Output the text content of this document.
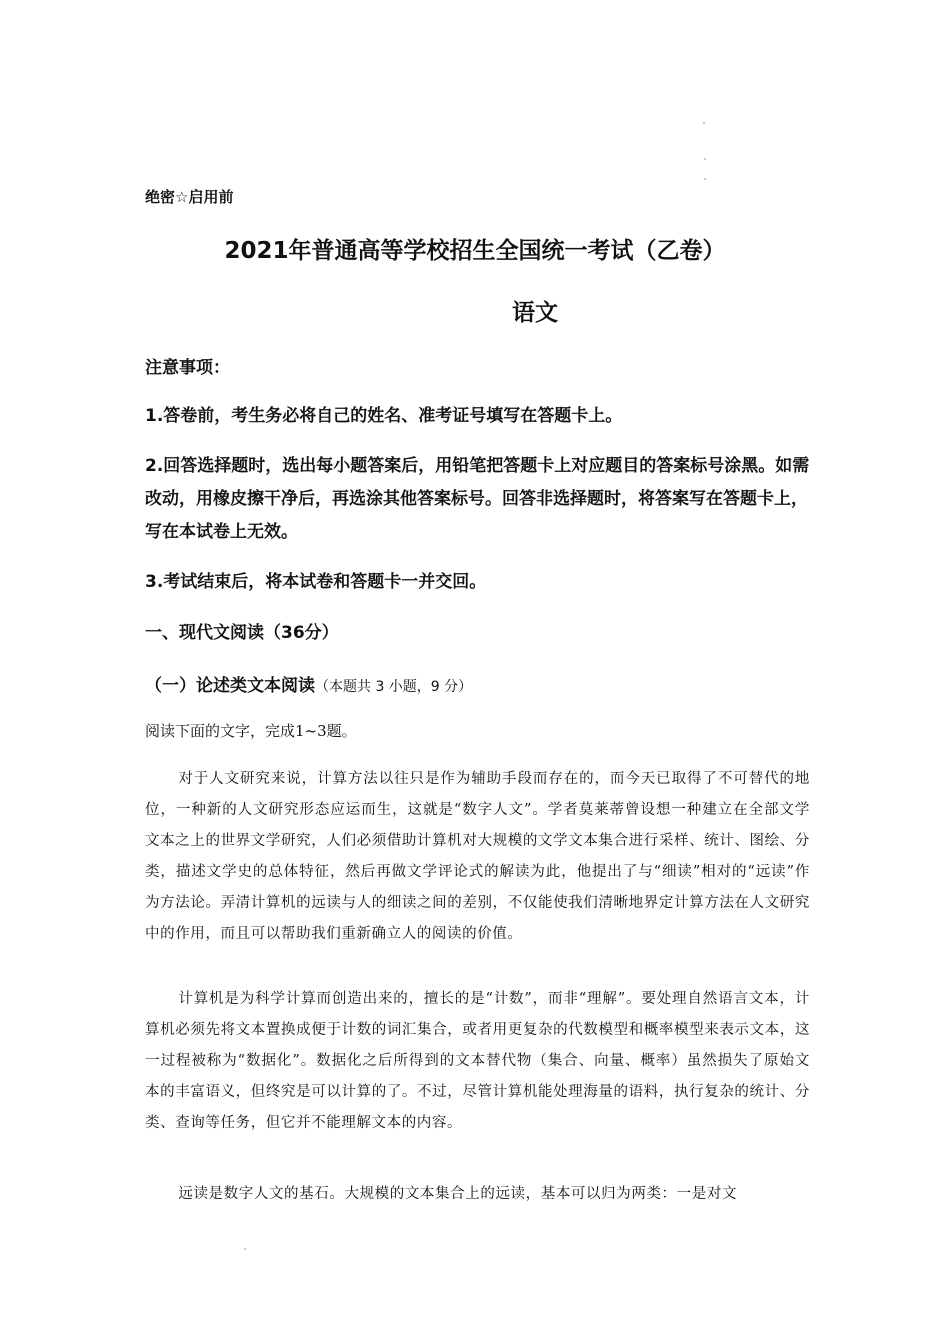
绝密☆启用前
2021年普通高等学校招生全国统一考试（乙卷）
语文
注意事项：
1.答卷前，考生务必将自己的姓名、准考证号填写在答题卡上。
2.回答选择题时，选出每小题答案后，用铅笔把答题卡上对应题目的答案标号涂黑。如需改动，用橡皮擦干净后，再选涂其他答案标号。回答非选择题时，将答案写在答题卡上，写在本试卷上无效。
3.考试结束后，将本试卷和答题卡一并交回。
一、现代文阅读（36分）
（一）论述类文本阅读（本题共 3 小题，9 分）
阅读下面的文字，完成1~3题。
对于人文研究来说，计算方法以往只是作为辅助手段而存在的，而今天已取得了不可替代的地位，一种新的人文研究形态应运而生，这就是“数字人文”。学者莫莱蒂曾设想一种建立在全部文学文本之上的世界文学研究，人们必须借助计算机对大规模的文学文本集合进行采样、统计、图绘、分类，描述文学史的总体特征，然后再做文学评论式的解读为此，他提出了与“细读”相对的“远读”作为方法论。弄清计算机的远读与人的细读之间的差别，不仅能使我们清晰地界定计算方法在人文研究中的作用，而且可以帮助我们重新确立人的阅读的价值。
计算机是为科学计算而创造出来的，擅长的是“计数”，而非“理解”。要处理自然语言文本，计算机必须先将文本置换成便于计数的词汇集合，或者用更复杂的代数模型和概率模型来表示文本，这一过程被称为“数据化”。数据化之后所得到的文本替代物（集合、向量、概率）虽然损失了原始文本的丰富语义，但终究是可以计算的了。不过，尽管计算机能处理海量的语料，执行复杂的统计、分类、查询等任务，但它并不能理解文本的内容。
远读是数字人文的基石。大规模的文本集合上的远读，基本可以归为两类：一是对文
